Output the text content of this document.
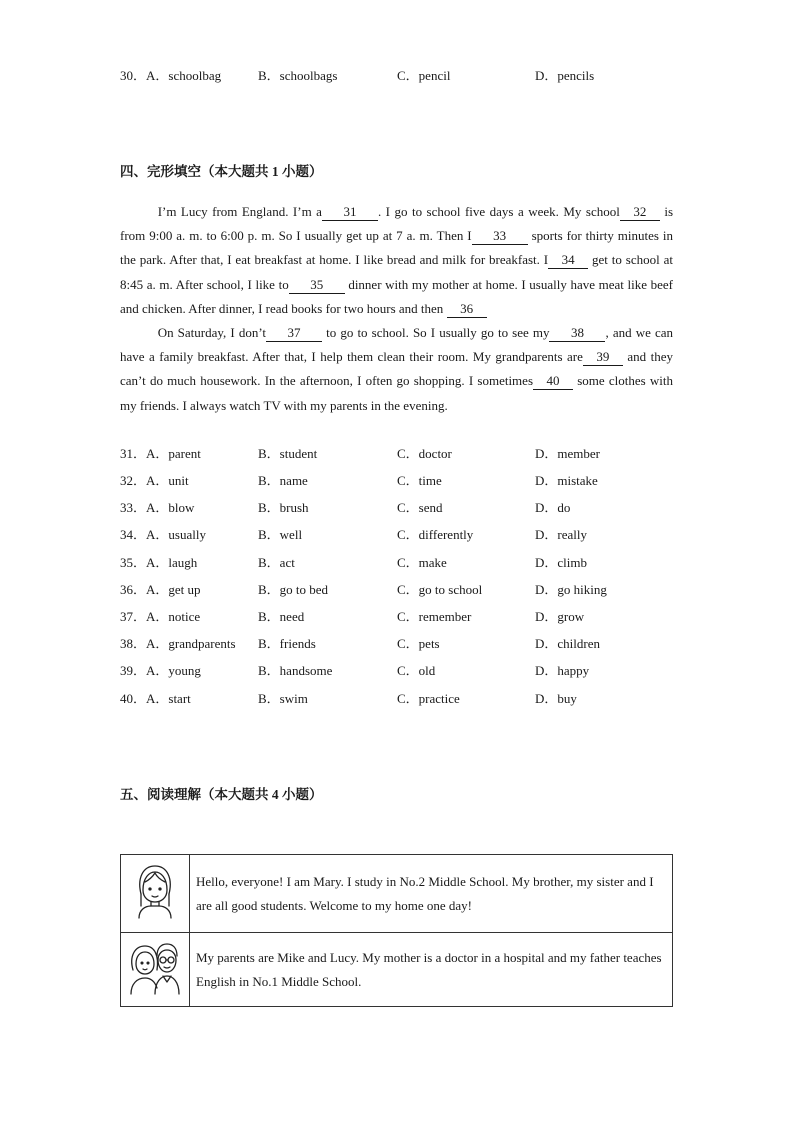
30．A．schoolbag	B．schoolbags	C．pencil	D．pencils
四、完形填空（本大题共 1 小题）

I’m Lucy from England. I’m a 31 . I go to school five days a week. My school 32 is from 9:00 a. m. to 6:00 p. m. So I usually get up at 7 a. m. Then I 33 sports for thirty minutes in the park. After that, I eat breakfast at home. I like bread and milk for breakfast. I 34 get to school at 8:45 a. m. After school, I like to 35 dinner with my mother at home. I usually have meat like beef and chicken. After dinner, I read books for two hours and then 36

On Saturday, I don’t 37 to go to school. So I usually go to see my 38 , and we can have a family breakfast. After that, I help them clean their room. My grandparents are 39 and they can’t do much housework. In the afternoon, I often go shopping. I sometimes 40 some clothes with my friends. I always watch TV with my parents in the evening.

31．A．parent	B．student	C．doctor	D．member
32．A．unit	B．name	C．time	D．mistake
33．A．blow	B．brush	C．send	D．do
34．A．usually	B．well	C．differently	D．really
35．A．laugh	B．act	C．make	D．climb
36．A．get up	B．go to bed	C．go to school	D．go hiking
37．A．notice	B．need	C．remember	D．grow
38．A．grandparents B．friends	C．pets	D．children
39．A．young	B．handsome	C．old	D．happy
40．A．start	B．swim	C．practice	D．buy
五、阅读理解（本大题共 4 小题）
	Hello, everyone! I am Mary. I study in No.2 Middle School. My brother, my sister and I are all good students. Welcome to my home one day!
	My parents are Mike and Lucy. My mother is a doctor in a hospital and my father teaches English in No.1 Middle School.
